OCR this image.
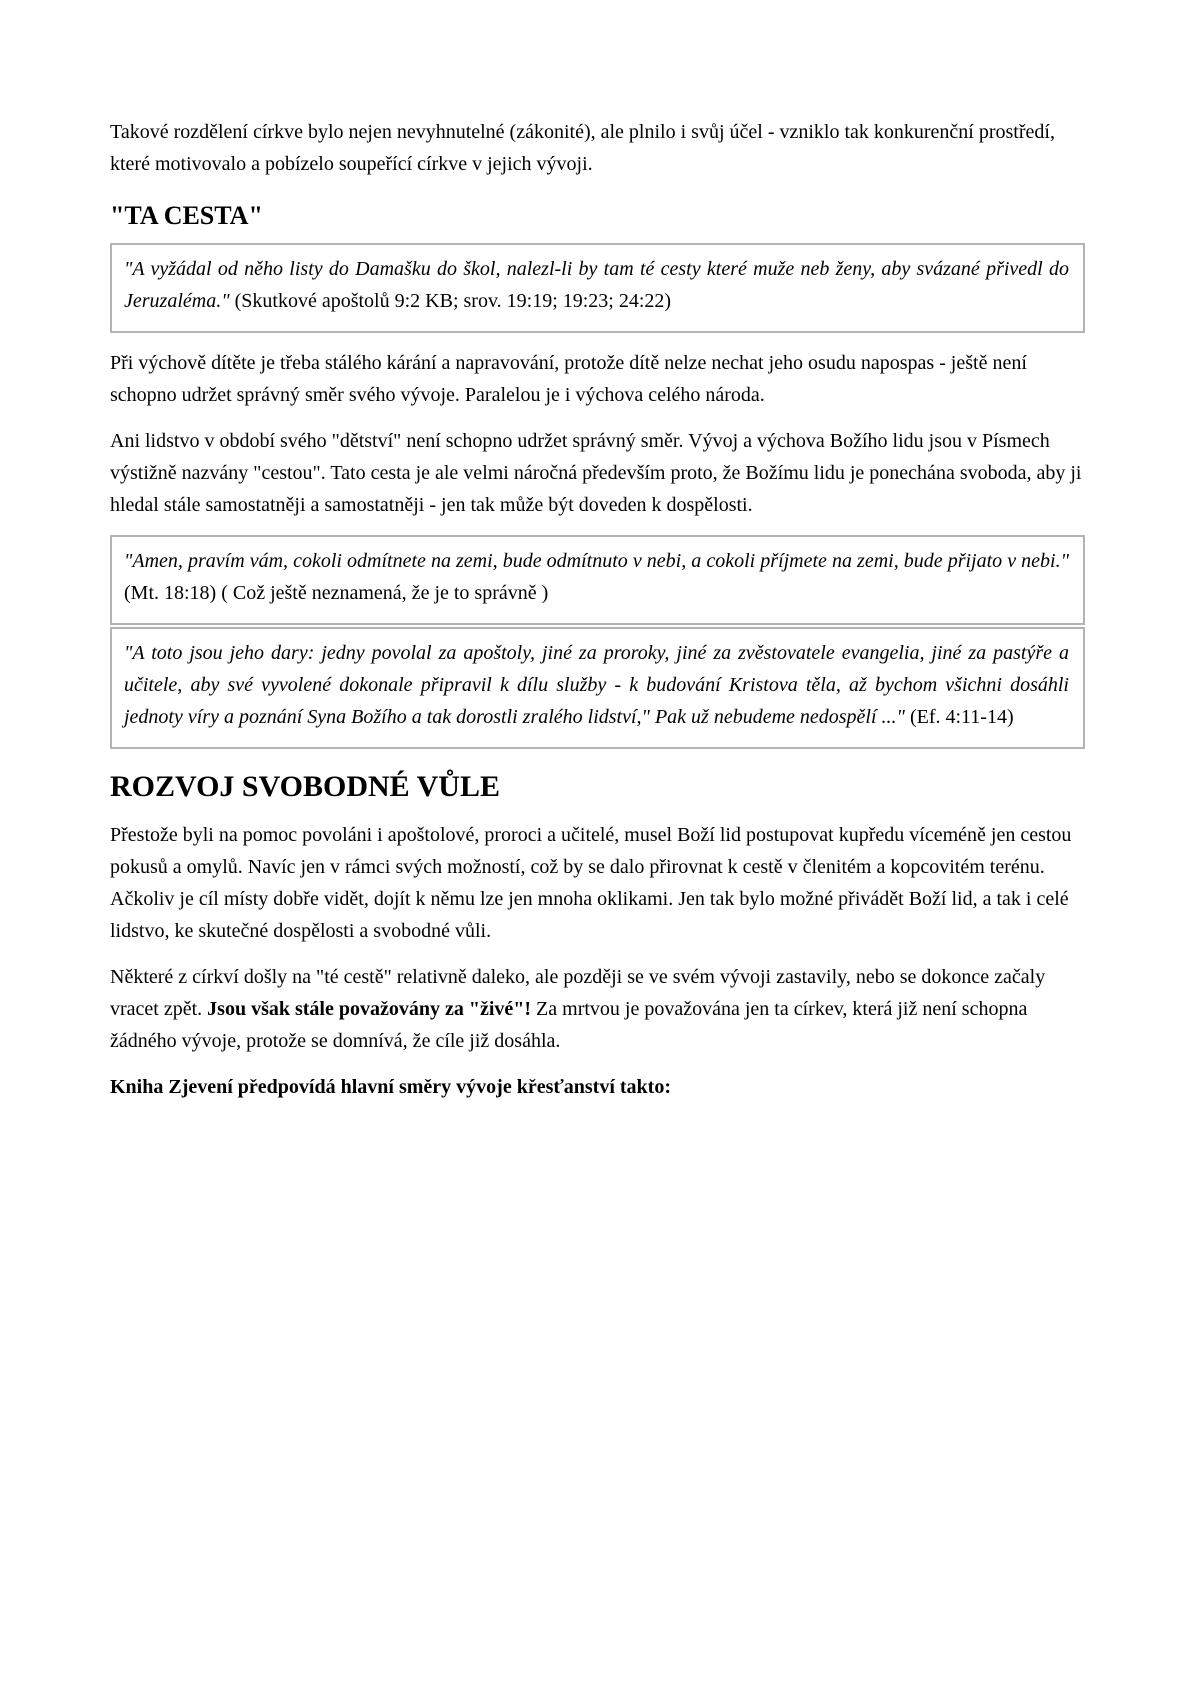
Takové rozdělení církve bylo nejen nevyhnutelné (zákonité), ale plnilo i svůj účel - vzniklo tak konkurenční prostředí, které motivovalo a pobízelo soupeřící církve v jejich vývoji.

"TA CESTA"
"A vyžádal od něho listy do Damašku do škol, nalezl-li by tam té cesty které muže neb ženy, aby svázané přivedl do Jeruzaléma." (Skutkové apoštolů 9:2 KB; srov. 19:19; 19:23; 24:22)

Při výchově dítěte je třeba stálého kárání a napravování, protože dítě nelze nechat jeho osudu napospas - ještě není schopno udržet správný směr svého vývoje. Paralelou je i výchova celého národa.

Ani lidstvo v období svého "dětství" není schopno udržet správný směr. Vývoj a výchova Božího lidu jsou v Písmech výstižně nazvány "cestou". Tato cesta je ale velmi náročná především proto, že Božímu lidu je ponechána svoboda, aby ji hledal stále samostatněji a samostatněji - jen tak může být doveden k dospělosti.

"Amen, pravím vám, cokoli odmítnete na zemi, bude odmítnuto v nebi, a cokoli příjmete na zemi, bude přijato v nebi." (Mt. 18:18) ( Což ještě neznamená, že je to správně )
"A toto jsou jeho dary: jedny povolal za apoštoly, jiné za proroky, jiné za zvěstovatele evangelia, jiné za pastýře a učitele, aby své vyvolené dokonale připravil k dílu služby - k budování Kristova těla, až bychom všichni dosáhli jednoty víry a poznání Syna Božího a tak dorostli zralého lidství," Pak už nebudeme nedospělí ..." (Ef. 4:11-14)
ROZVOJ SVOBODNÉ VŮLE

Přestože byli na pomoc povoláni i apoštolové, proroci a učitelé, musel Boží lid postupovat kupředu víceméně jen cestou pokusů a omylů. Navíc jen v rámci svých možností, což by se dalo přirovnat k cestě v členitém a kopcovitém terénu. Ačkoliv je cíl místy dobře vidět, dojít k němu lze jen mnoha oklikami. Jen tak bylo možné přivádět Boží lid, a tak i celé lidstvo, ke skutečné dospělosti a svobodné vůli.

Některé z církví došly na "té cestě" relativně daleko, ale později se ve svém vývoji zastavily, nebo se dokonce začaly vracet zpět. Jsou však stále považovány za "živé"! Za mrtvou je považována jen ta církev, která již není schopna žádného vývoje, protože se domnívá, že cíle již dosáhla.

Kniha Zjevení předpovídá hlavní směry vývoje křesťanství takto:
